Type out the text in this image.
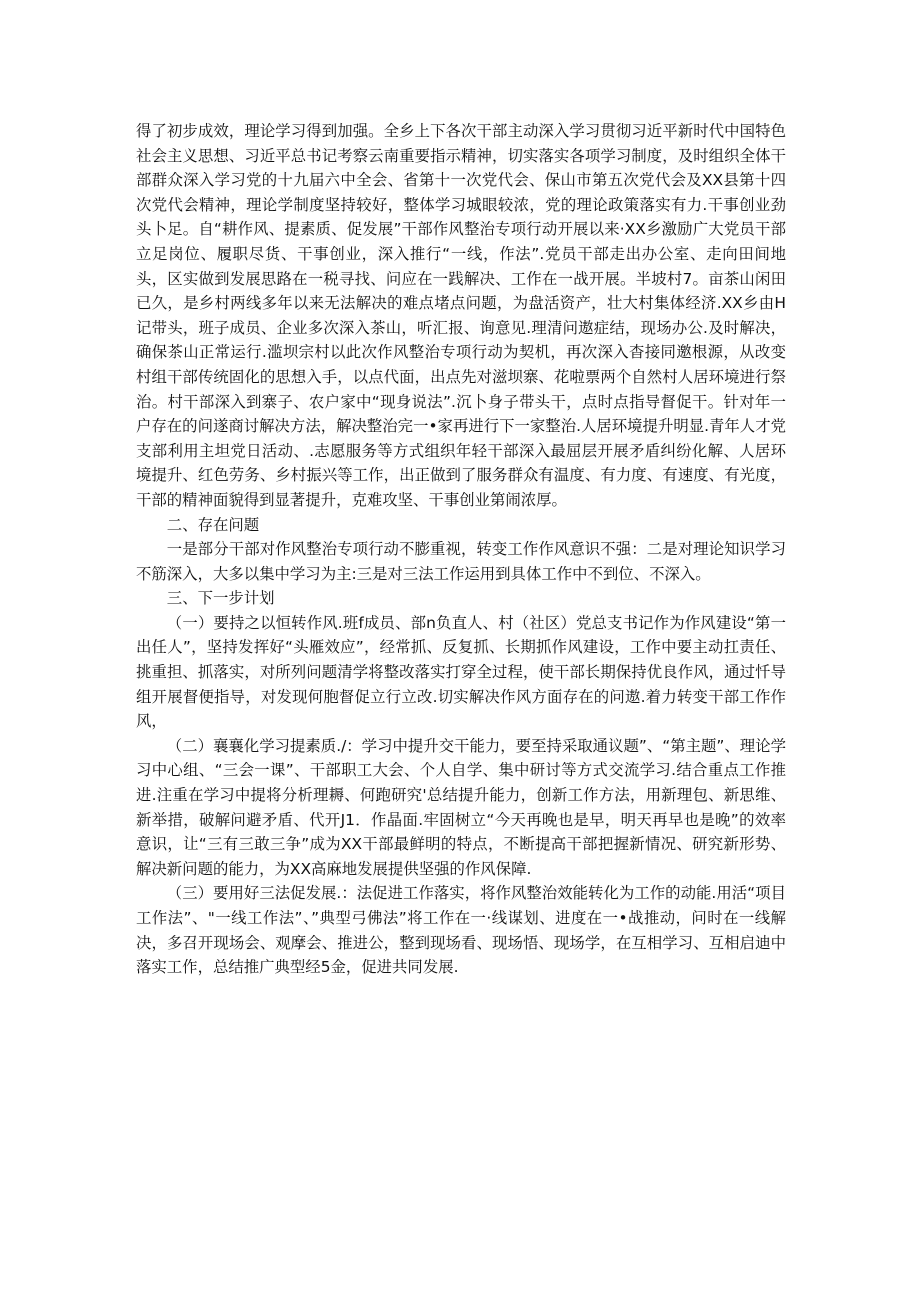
得了初步成效，理论学习得到加强。全乡上下各次干部主动深入学习贯彻习近平新时代中国特色社会主义思想、习近平总书记考察云南重要指示精神，切实落实各项学习制度，及时组织全体干部群众深入学习党的十九届六中全会、省第十一次党代会、保山市第五次党代会及XX县第十四次党代会精神，理论学制度坚持较好，整体学习城眼较浓，党的理论政策落实有力.干事创业劲头卜足。自“耕作风、提素质、促发展”干部作风整治专项行动开展以来·XX乡激励广大党员干部立足岗位、履职尽货、干事创业，深入推行“一线，作法”.党员干部走出办公室、走向田间地头，区实做到发展思路在一税寻找、问应在一践解决、工作在一战开展。半坡村7。亩茶山闲田已久，是乡村两线多年以来无法解决的难点堵点问题，为盘活资产，壮大村集体经济.XX乡由H记带头，班子成员、企业多次深入茶山，听汇报、询意见.理清问遨症结，现场办公.及时解决，确保茶山正常运行.滥坝宗村以此次作风整治专项行动为契机，再次深入杳接同邀根源，从改变村组干部传统固化的思想入手，以点代面，出点先对滋坝寨、花啦票两个自然村人居环境进行祭治。村干部深入到寨子、农户家中“现身说法”.沉卜身子带头干，点时点指导督促干。针对年一户存在的问遂商讨解决方法，解决整治完一•家再进行下一家整治.人居环境提升明显.青年人才党支部利用主坦党日活动、.志愿服务等方式组织年轻干部深入最屈层开展矛盾纠纷化解、人居环境提升、红色劳务、乡村振兴等工作，出正做到了服务群众有温度、有力度、有速度、有光度，干部的精神面貌得到显著提升，克难攻坚、干事创业第闹浓厚。

二、存在问题

一是部分干部对作风整治专项行动不膨重视，转变工作作风意识不强：二是对理论知识学习不筋深入，大多以集中学习为主:三是对三法工作运用到具体工作中不到位、不深入。

三、下一步计划

（一）要持之以恒转作风.班f成员、部n负直人、村（社区）党总支书记作为作风建设“第一出任人”，坚持发挥好“头雁效应”，经常抓、反复抓、长期抓作风建设，工作中要主动扛责任、挑重担、抓落实，对所列问题清学将整改落实打穿全过程，使干部长期保持优良作风，通过忏导组开展督便指导，对发现何胞督促立行立改.切实解决作风方面存在的问遨.着力转变干部工作作风，

（二）襄襄化学习提素质./：学习中提升交干能力，要至持采取通议题”、“第主题”、理论学习中心组、“三会一课”、干部职工大会、个人自学、集中研讨等方式交流学习.结合重点工作推进.注重在学习中提将分析理耨、何跑研究'总结提升能力，创新工作方法，用新理包、新思维、新举措，破解问避矛盾、代开J1．作晶面.牢固树立“今天再晚也是早，明天再早也是晚”的效率意识，让“三有三敢三争”成为XX干部最鲜明的特点，不断提高干部把握新情况、研究新形势、解决新问题的能力，为XX高麻地发展提供坚强的作风保障.

（三）要用好三法促发展.：法促进工作落实，将作风整治效能转化为工作的动能.用活“项目工作法”、"一线工作法”、”典型弓佛法”将工作在一·线谋划、进度在一•战推动，问时在一线解决，多召开现场会、观摩会、推进公，整到现场看、现场悟、现场学，在互相学习、互相启迪中落实工作，总结推广典型经5金，促进共同发展.
